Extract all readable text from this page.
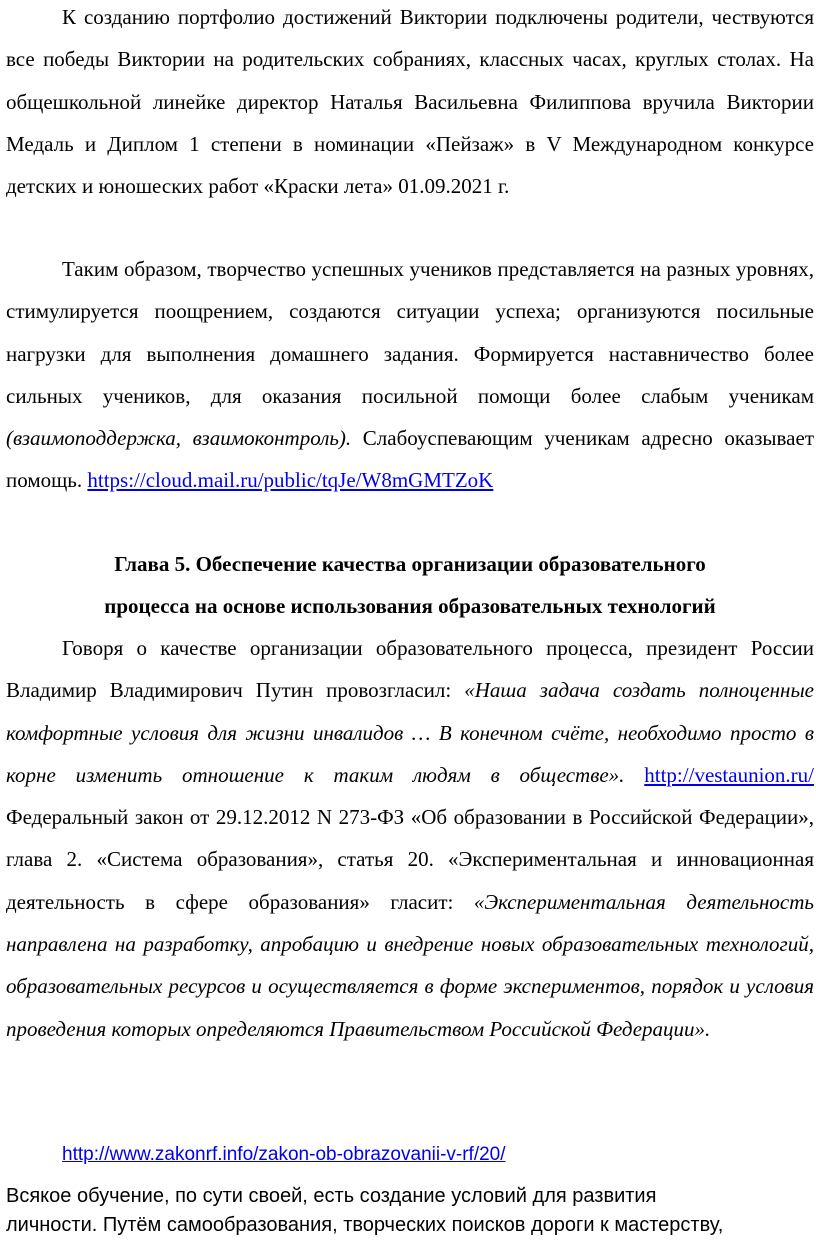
К созданию портфолио достижений Виктории подключены родители, чествуются все победы Виктории на родительских собраниях, классных часах, круглых столах. На общешкольной линейке директор Наталья Васильевна Филиппова вручила Виктории Медаль и Диплом 1 степени в номинации «Пейзаж» в V Международном конкурсе детских и юношеских работ «Краски лета» 01.09.2021 г.

Таким образом, творчество успешных учеников представляется на разных уровнях, стимулируется поощрением, создаются ситуации успеха; организуются посильные нагрузки для выполнения домашнего задания. Формируется наставничество более сильных учеников, для оказания посильной помощи более слабым ученикам (взаимоподдержка, взаимоконтроль). Слабоуспевающим ученикам адресно оказывает помощь. https://cloud.mail.ru/public/tqJe/W8mGMTZoK

Глава 5. Обеспечение качества организации образовательного
процесса на основе использования образовательных технологий

Говоря о качестве организации образовательного процесса, президент России Владимир Владимирович Путин провозгласил: «Наша задача создать полноценные комфортные условия для жизни инвалидов … В конечном счёте, необходимо просто в корне изменить отношение к таким людям в обществе». http://vestaunion.ru/ Федеральный закон от 29.12.2012 N 273-ФЗ «Об образовании в Российской Федерации», глава 2. «Система образования», статья 20. «Экспериментальная и инновационная деятельность в сфере образования» гласит: «Экспериментальная деятельность направлена на разработку, апробацию и внедрение новых образовательных технологий, образовательных ресурсов и осуществляется в форме экспериментов, порядок и условия проведения которых определяются Правительством Российской Федерации».

http://www.zakonrf.info/zakon-ob-obrazovanii-v-rf/20/

Всякое обучение, по сути своей, есть создание условий для развития
личности. Путём самообразования, творческих поисков дороги к мастерству,
